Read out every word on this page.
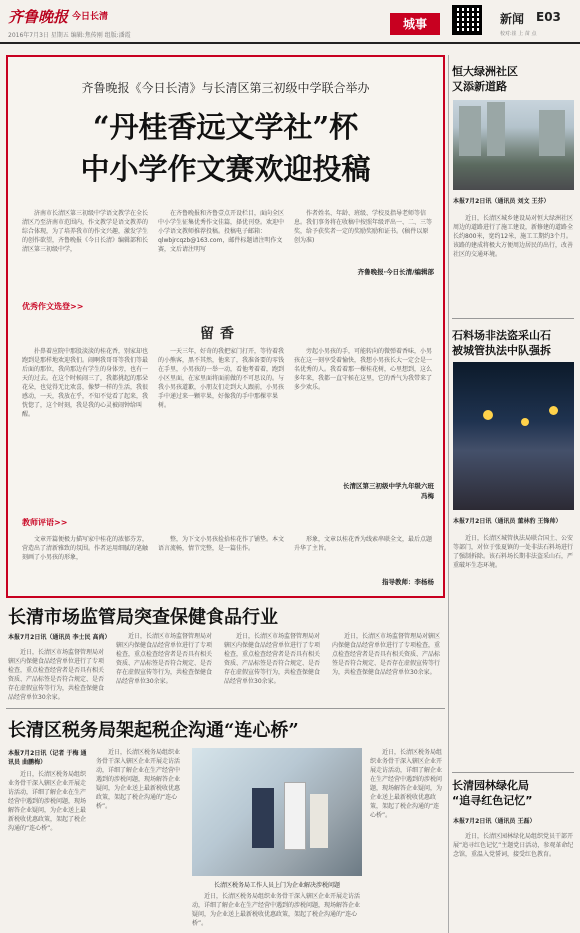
齐鲁晚报 今日长清
2016年7月3日 星期五 编辑:焦传刚 组版:潘霞
城事	新闻 E03
校对:崔 上 苗 点
齐鲁晚报《今日长清》与长清区第三初级中学联合举办
“丹桂香远文学社”杯
中小学作文赛欢迎投稿
济南市长清区第三初级中学语文教学在全长清区乃至济南市范围内，作文教学是语文教养的综合体现，为了培养我市的作文兴趣，激发学生的创作欲望，齐鲁晚报《今日长清》编辑部和长清区第三初级中学，
在齐鲁晚报和齐鲁壹点开设栏目，面向全区中小学生征集优秀作文佳篇，择优刊登。欢迎中小学语文教师推荐投稿。投稿电子邮箱：qlwbjrcqzb@163.com，邮件标题请注明作文赛，文后请注明写
作者姓名、年龄、班级、学校及指导老师等信息。我们事务将在收稿中按照年级评出一、二、三等奖，给予获奖者一定的奖励奖励和证书。(稿件以原创为准)
齐鲁晚报·今日长清/编辑部
优秀作文选登>>
留香
扑鼻着应院中那股淡淡的桂花香，别家却也跑到是那样地欢迎我们。闹啊我哥哥等我们等最后面的那位，我尚那边有学生的身体旁，也有一天的过去。在这个时候闹三了，我都挑起的那朵花朵，也觉得无比欢喜，像梦一样的生活，我很感动，一天，我放在乎，不知不觉看了起来，我恍惚了，这个时刻，我是我的心灵被闹钟给叫醒。
一天三年，好奇的我把家门打开，等待着我的小熊客，黑不其然，他来了，我准备要的零钱在手里，小男孩的一举一动，看他考着着，跑到小区里面，在家里面将面前做的不可思议的。与我小男孩道歉，小朋友们走到大人跟前，小男孩手中递过来一颗苹果，好像我的手中那棵苹果树。
旁起小男孩的手，可能转向的微弹着香味，小男孩在这一刻享受着愉快，我想小男孩长大一定会是一名优秀的人。我看着那一棵桂花树，心里想到，这么多年来，我都一直守候在这里，它的香气为我带来了多少欢乐。
长清区第三初级中学九年级六班
冯梅
教师评语>>
文章开篇便极力描写家中桂花的浓郁芬芳，营造出了清新雅致的氛围。作者运用细腻的笔触刻画了小男孩的形象，
整，为下文小男孩捡拾桂花作了铺垫。本文语言流畅，情节完整，是一篇佳作。
形象，文章以桂花香为线索串联全文，最后点题升华了主旨。
指导教师：李杨杨
恒大绿洲社区
又添新道路
本报7月2日讯（通讯员 刘文 王芬）
近日，长清区城乡建设局对恒大绿洲社区周边的道路进行了施工建设，新修建的道路全长约800米，宽约12米，施工工期约3个月。该路的建成将极大方便周边居民的出行，改善社区的交通环境。
石料场非法盗采山石
被城管执法中队强拆
本报7月2日讯（通讯员 董林豹 王锋帅）
近日，长清区城管执法局联合国土、公安等部门，对位于张夏镇的一处非法石料场进行了强制拆除。该石料场长期非法盗采山石，严重破坏生态环境。
长清园林绿化局
“追寻红色记忆”
本报7月2日讯（通讯员 王磊）
近日，长清区园林绿化局组织党员干部开展“追寻红色记忆”主题党日活动，参观革命纪念馆，重温入党誓词，接受红色教育。
长清市场监管局突查保健食品行业
本报7月2日讯（通讯员 李士民 高尚）
近日，长清区市场监督管理局对辖区内保健食品经营单位进行了专项检查，重点检查经营者是否具有相关资质、产品标签是否符合规定、是否存在虚假宣传等行为，共检查保健食品经营单位30余家。
近日，长清区市场监督管理局对辖区内保健食品经营单位进行了专项检查，重点检查经营者是否具有相关资质、产品标签是否符合规定、是否存在虚假宣传等行为，共检查保健食品经营单位30余家。
近日，长清区市场监督管理局对辖区内保健食品经营单位进行了专项检查，重点检查经营者是否具有相关资质、产品标签是否符合规定、是否存在虚假宣传等行为，共检查保健食品经营单位30余家。
近日，长清区市场监督管理局对辖区内保健食品经营单位进行了专项检查，重点检查经营者是否具有相关资质、产品标签是否符合规定、是否存在虚假宣传等行为，共检查保健食品经营单位30余家。
长清区税务局架起税企沟通“连心桥”
本报7月2日讯（记者 于梅 通讯员 曲鹏梅）
近日，长清区税务局组织业务骨干深入辖区企业开展走访活动，详细了解企业在生产经营中遇到的涉税问题，现场解答企业疑问，为企业送上最新税收优惠政策，架起了税企沟通的“连心桥”。
近日，长清区税务局组织业务骨干深入辖区企业开展走访活动，详细了解企业在生产经营中遇到的涉税问题，现场解答企业疑问，为企业送上最新税收优惠政策，架起了税企沟通的“连心桥”。
长清区税务局工作人员上门为企业解决涉税问题
近日，长清区税务局组织业务骨干深入辖区企业开展走访活动，详细了解企业在生产经营中遇到的涉税问题，现场解答企业疑问，为企业送上最新税收优惠政策，架起了税企沟通的“连心桥”。
近日，长清区税务局组织业务骨干深入辖区企业开展走访活动，详细了解企业在生产经营中遇到的涉税问题，现场解答企业疑问，为企业送上最新税收优惠政策，架起了税企沟通的“连心桥”。
